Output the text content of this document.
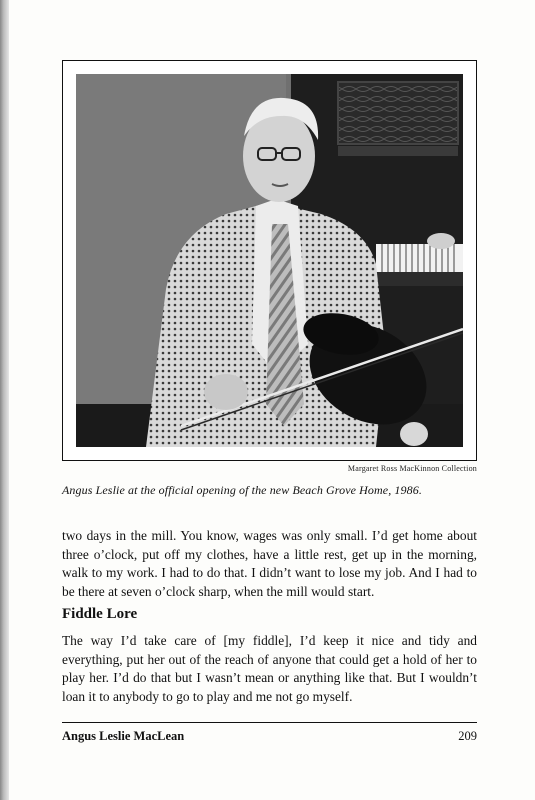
Margaret Ross MacKinnon Collection
Angus Leslie at the official opening of the new Beach Grove Home, 1986.

two days in the mill. You know, wages was only small. I’d get home about three o’clock, put off my clothes, have a little rest, get up in the morning, walk to my work. I had to do that. I didn’t want to lose my job. And I had to be there at seven o’clock sharp, when the mill would start.

Fiddle Lore

The way I’d take care of [my fiddle], I’d keep it nice and tidy and everything, put her out of the reach of anyone that could get a hold of her to play her. I’d do that but I wasn’t mean or anything like that. But I wouldn’t loan it to anybody to go to play and me not go myself.

Angus Leslie MacLean	209
